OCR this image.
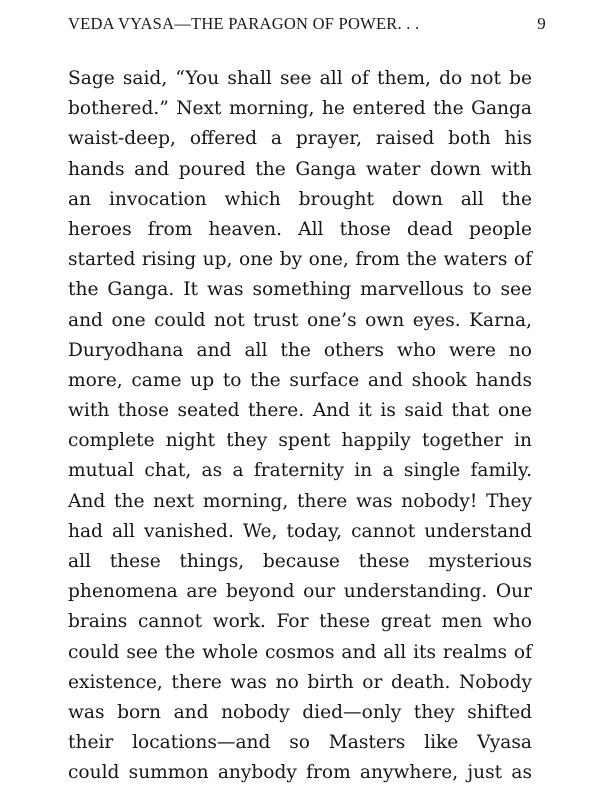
VEDA VYASA—THE PARAGON OF POWER. . .	9
Sage said, “You shall see all of them, do not be
bothered.” Next morning, he entered the Ganga
waist-deep, offered a prayer, raised both his
hands and poured the Ganga water down with
an invocation which brought down all the
heroes from heaven. All those dead people
started rising up, one by one, from the waters of
the Ganga. It was something marvellous to see
and one could not trust one’s own eyes. Karna,
Duryodhana and all the others who were no
more, came up to the surface and shook hands
with those seated there. And it is said that one
complete night they spent happily together in
mutual chat, as a fraternity in a single family.
And the next morning, there was nobody! They
had all vanished. We, today, cannot understand
all these things, because these mysterious
phenomena are beyond our understanding. Our
brains cannot work. For these great men who
could see the whole cosmos and all its realms of
existence, there was no birth or death. Nobody
was born and nobody died—only they shifted
their locations—and so Masters like Vyasa
could summon anybody from anywhere, just as
